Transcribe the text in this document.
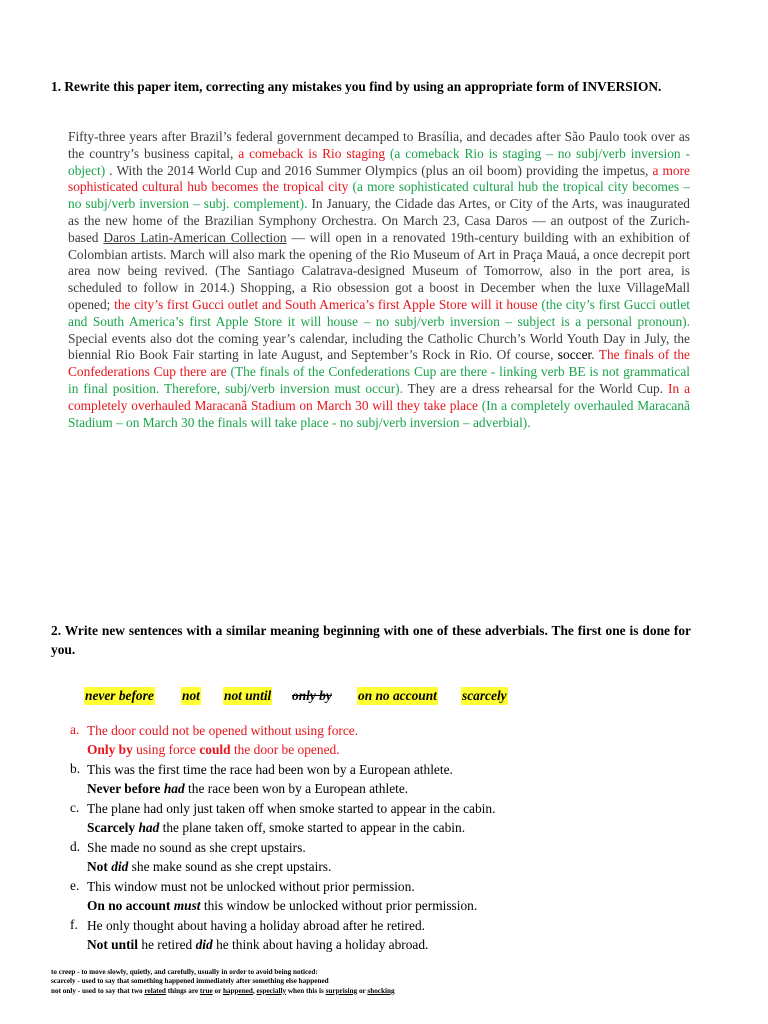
1. Rewrite this paper item, correcting any mistakes you find by using an appropriate form of INVERSION.
Fifty-three years after Brazil’s federal government decamped to Brasília, and decades after São Paulo took over as the country’s business capital, a comeback is Rio staging (a comeback Rio is staging – no subj/verb inversion - object) . With the 2014 World Cup and 2016 Summer Olympics (plus an oil boom) providing the impetus, a more sophisticated cultural hub becomes the tropical city (a more sophisticated cultural hub the tropical city becomes – no subj/verb inversion – subj. complement). In January, the Cidade das Artes, or City of the Arts, was inaugurated as the new home of the Brazilian Symphony Orchestra. On March 23, Casa Daros — an outpost of the Zurich-based Daros Latin-American Collection — will open in a renovated 19th-century building with an exhibition of Colombian artists. March will also mark the opening of the Rio Museum of Art in Praça Mauá, a once decrepit port area now being revived. (The Santiago Calatrava-designed Museum of Tomorrow, also in the port area, is scheduled to follow in 2014.) Shopping, a Rio obsession got a boost in December when the luxe VillageMall opened; the city’s first Gucci outlet and South America’s first Apple Store will it house (the city’s first Gucci outlet and South America’s first Apple Store it will house – no subj/verb inversion – subject is a personal pronoun). Special events also dot the coming year’s calendar, including the Catholic Church’s World Youth Day in July, the biennial Rio Book Fair starting in late August, and September’s Rock in Rio. Of course, soccer. The finals of the Confederations Cup there are (The finals of the Confederations Cup are there - linking verb BE is not grammatical in final position. Therefore, subj/verb inversion must occur). They are a dress rehearsal for the World Cup. In a completely overhauled Maracanã Stadium on March 30 will they take place (In a completely overhauled Maracanã Stadium – on March 30 the finals will take place - no subj/verb inversion – adverbial).
2. Write new sentences with a similar meaning beginning with one of these adverbials. The first one is done for you.
never before not not until only by on no account scarcely
a. The door could not be opened without using force.
Only by using force could the door be opened.
b. This was the first time the race had been won by a European athlete.
Never before had the race been won by a European athlete.
c. The plane had only just taken off when smoke started to appear in the cabin.
Scarcely had the plane taken off, smoke started to appear in the cabin.
d. She made no sound as she crept upstairs.
Not did she make sound as she crept upstairs.
e. This window must not be unlocked without prior permission.
On no account must this window be unlocked without prior permission.
f. He only thought about having a holiday abroad after he retired.
Not until he retired did he think about having a holiday abroad.
to creep - to move slowly, quietly, and carefully, usually in order to avoid being noticed:
scarcely - used to say that something happened immediately after something else happened
not only - used to say that two related things are true or happened, especially when this is surprising or shocking
